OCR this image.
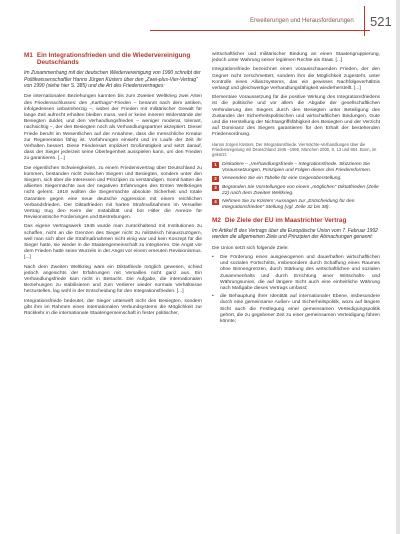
Erweiterungen und Herausforderungen	521
M1 Ein Integrationsfrieden und die Wiedervereinigung Deutschlands

Im Zusammenhang mit der deutschen Wiedervereinigung von 1990 schreibt der Politikwissenschaftler Hanns Jürgen Küsters über den „Zwei-plus-Vier-Vertrag“ von 1990 (siehe hier S. 385) und die Art des Friedensvertrages:

Die internationalen Beziehungen kannten bis zum Zweiten Weltkrieg zwei Arten des Friedensschlusses: den „Karthago“-Frieden – benannt nach dem antiken, infolgedessen unbarmherzig –, wobei der Frieden mit militärischer Gewalt für lange Zeit aufrecht erhalten bleiben muss, weil er keine inneren Widerstände der Besiegten duldet, und den Verhandlungsfrieden – weniger moderat, tolerant, nachsichtig –, der den Besiegten noch als Verhandlungspartner akzeptiert. Dieser Friede beruht im Wesentlichen auf der Annahme, dass die menschliche Kreatur zur Regeneration fähig ist. Vorfahrungen einsieht und im Laufe der Zeit ihr Verhalten bessert. Diese Friedensart impliziert Großmütigkeit und setzt darauf, dass der Sieger jederzeit seine Überlegenheit ausspielen kann, um den Frieden zu garantieren. [...]

Die eigentlichen Schwierigkeiten, zu einem Friedensvertrag über Deutschland zu kommen, bestanden nicht zwischen Siegern und Besiegten, sondern unter den Siegern, sich über die Interessen und Prinzipien zu verständigen. Somit hatten die alliierten Siegermächte aus der negativen Erfahrungen des Ersten Weltkrieges nicht gelernt. 1919 wollten die Siegermächte absolute Sicherheit und totale Garantien gegen eine neue deutsche Aggression mit einem reichlichen Verbandsfrieden. Der Diktatfrieden mit harten Strafmaßnahmen im Versailler Vertrag trug den Keim der Instabilität und bot Hitler die Anreize für Revisionistische Forderungen und Bestrebungen.

Das eigene Vertragswerk 1945 wurde man zurückhaltend mit Institutionen zu schaffen, nicht an die Grenzen des Sieger nicht zu militärisch hinauszuzögern, weil man sich über die Strafmaßnahmen nicht einig war und kein Konzept für die Sieger hatte, sie wieder in die Staatengemeinschaft zu integrieren. Die Angst vor dem Frieden hatte seine Wurzeln in der Angst vor einem erneuten Revisionismus. [...]

Nach dem Zweiten Weltkrieg wäre ein Diktatfriede möglich gewesen, schied jedoch angesichts der Erfahrungen mit Versailles nicht ganz aus. Ein Verhandlungsfriede kam nicht in Betracht. Die Aufgabe, die internationalen Beziehungen zu stabilisieren und zum Verlierer wieder normale Verhältnisse herzustellen, lag wohl in der Entscheidung für den Integrationsfrieden. [...]

Integrationsfriede bedeutet, der Sieger unterwirft nicht den Besiegten, sondern gibt ihm im Rahmen eines internationalen Verbundsystems die Möglichkeit zur Rückkehr in die internationale Staatengemeinschaft in fester politischer,

wirtschaftlicher und militärischer Bindung an einen Staatengruppierung, jedoch unter Wahrung seiner legitimen Rechte als Staat. [...]

Integrationsfriede bezeichnet einen vorausschauenden Frieden, der den Gegner nicht zerschmettert, sondern ihm die Möglichkeit zugesteht, unter Kontrolle eines Allianzsystems, das ein gewisses Nachfolgeverhältnis verlangt und gleichwertige Verhandlungsfähigkeit wiederherstellt. [...]

Elementare Voraussetzung für die positive Wirkung des Integrationsfriedens ist die politische und vor allem die Abgabe der gesellschaftlichen Verhinderung des Siegers durch den Besiegten unter Beteiligung des Zustandes der Sicherheitspolitischen und wirtschaftlichen Bindungen. Gute und die Herstellung der Nichtangriffsfähigkeit des Besiegten und der Verzicht auf Dominanz des Siegers garantieren für den Erhalt der bestehenden Friedensordnung.

Hanns Jürgen Küsters, Der Integrationsfriede. Viermächte-Verhandlungen über die Friedensregelung mit Deutschland 1945 –1990, München 2000, S. 13 und 854. Bonn, im gekürzt.

1	Diskutiere – „Verhandlungsfriede – Integrationsfriede. Skizzieren Sie Voraussetzungen, Prinzipien und Folgen dieser drei Friedensformen.
2	Verwenden Sie ein Tabelle für eine Gegenüberstellung.
3	Begründen Sie Vorstellungen von einem „möglichen“ Diktatfrieden (Zeile 22) nach dem Zweiten Weltkrieg.
4	Nehmen Sie zu Küsters’ Aussagen zur „Entscheidung für den Integrationsfrieden“ Stellung (vgl. Zeile 32 bis 38).
M2 Die Ziele der EU im Maastrichter Vertrag

Im Artikel B des Vertrags über die Europäische Union vom 7. Februar 1992 werden die allgemeinen Ziele und Prinzipien der Abmachungen genannt:

Die Union setzt sich folgende Ziele:

•	Die Förderung eines ausgewogenen und dauerhaften wirtschaftlichen und sozialen Fortschritts, insbesondere durch Schaffung eines Raumes ohne Binnengrenzen, durch Stärkung des wirtschaftlichen und sozialen Zusammenhalts und durch Errichtung einer Wirtschafts- und Währungsunion, die auf längere Sicht auch eine einheitliche Währung nach Maßgabe dieses Vertrags umfasst;
•	die Behauptung ihrer Identität auf internationaler Ebene, insbesondere durch eine gemeinsame Außen- und Sicherheitspolitik, wozu auf längere Sicht auch die Festlegung einer gemeinsamen Verteidigungspolitik gehört, die zu gegebener Zeit zu einer gemeinsamen Verteidigung führen könnte;
